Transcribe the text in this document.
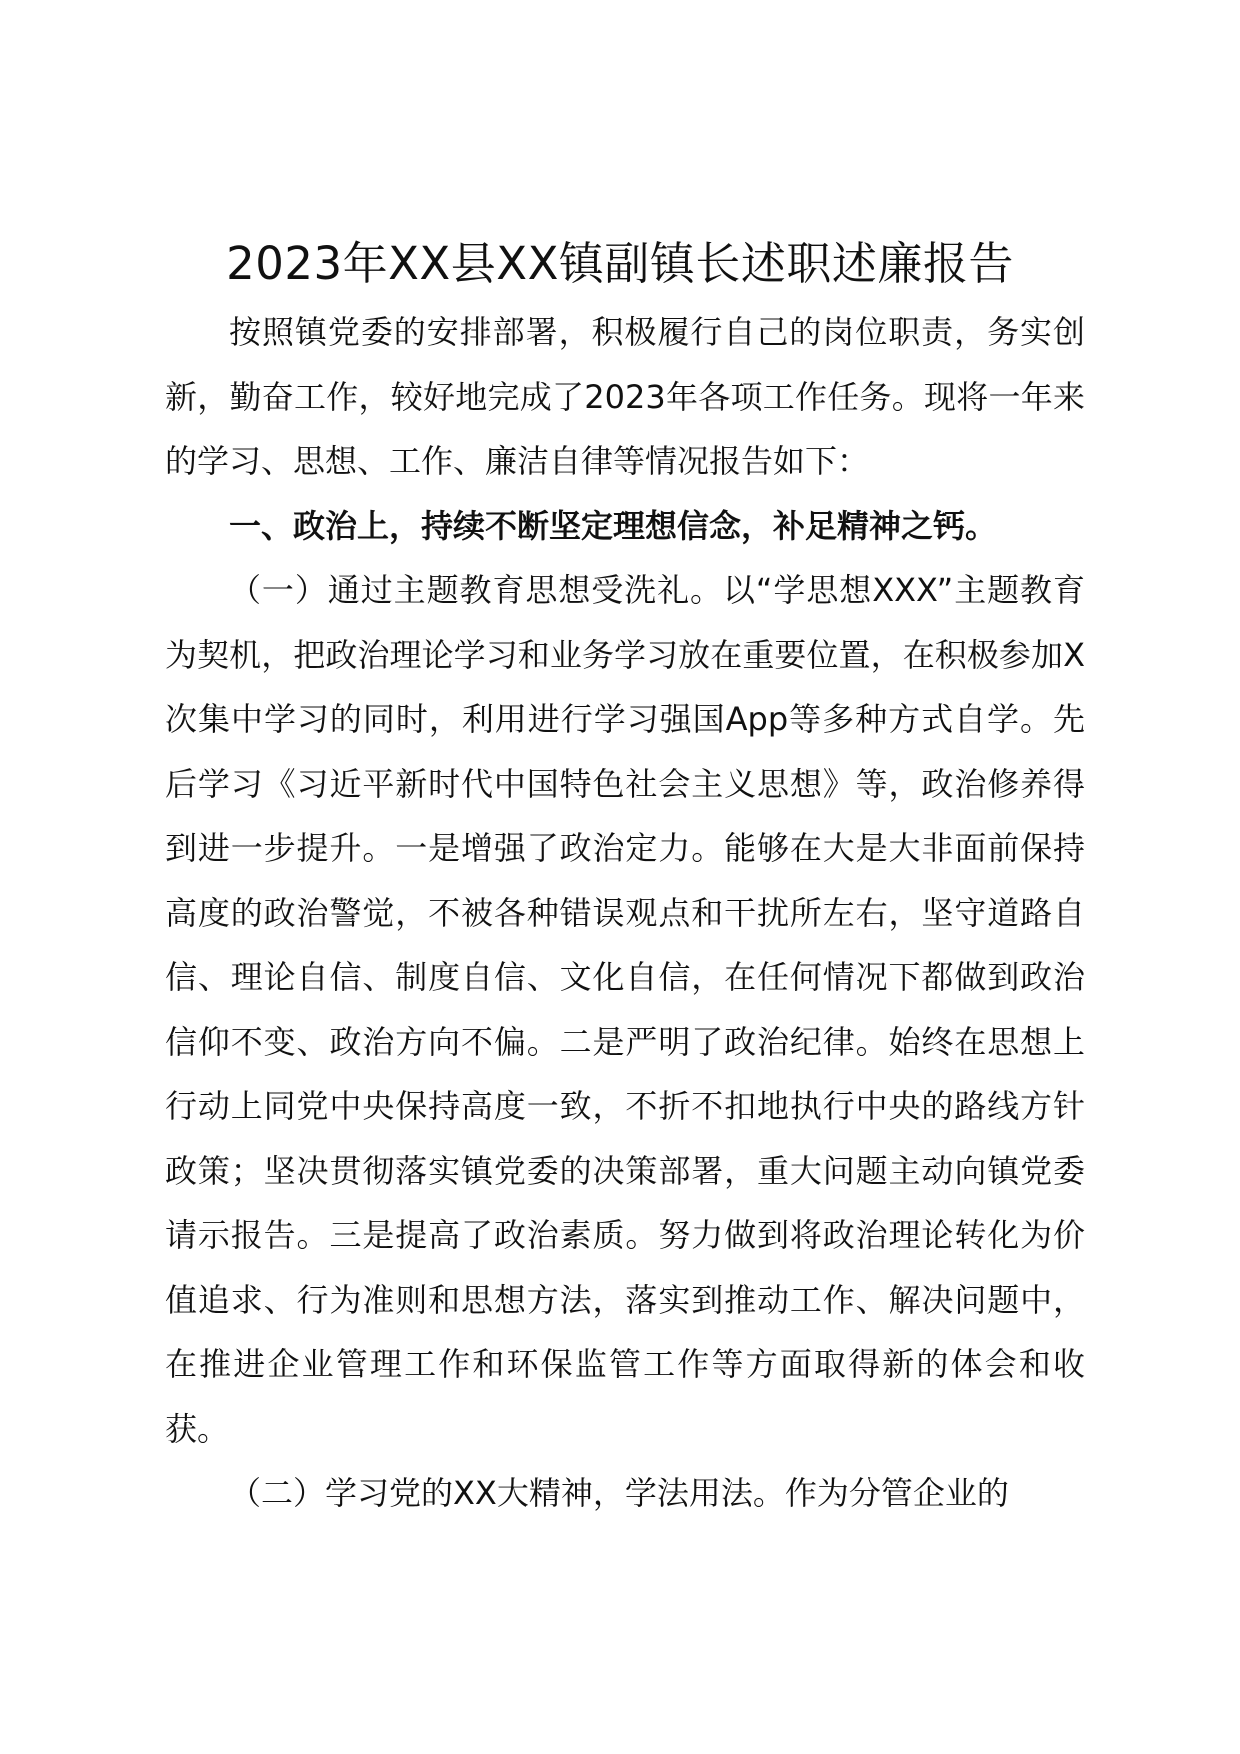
2023年XX县XX镇副镇长述职述廉报告

按照镇党委的安排部署，积极履行自己的岗位职责，务实创新，勤奋工作，较好地完成了2023年各项工作任务。现将一年来的学习、思想、工作、廉洁自律等情况报告如下：

一、政治上，持续不断坚定理想信念，补足精神之钙。

（一）通过主题教育思想受洗礼。以“学思想XXX”主题教育为契机，把政治理论学习和业务学习放在重要位置，在积极参加X次集中学习的同时，利用进行学习强国App等多种方式自学。先后学习《习近平新时代中国特色社会主义思想》等，政治修养得到进一步提升。一是增强了政治定力。能够在大是大非面前保持高度的政治警觉，不被各种错误观点和干扰所左右，坚守道路自信、理论自信、制度自信、文化自信，在任何情况下都做到政治信仰不变、政治方向不偏。二是严明了政治纪律。始终在思想上行动上同党中央保持高度一致，不折不扣地执行中央的路线方针政策；坚决贯彻落实镇党委的决策部署，重大问题主动向镇党委请示报告。三是提高了政治素质。努力做到将政治理论转化为价值追求、行为准则和思想方法，落实到推动工作、解决问题中，在推进企业管理工作和环保监管工作等方面取得新的体会和收获。

（二）学习党的XX大精神，学法用法。作为分管企业的
